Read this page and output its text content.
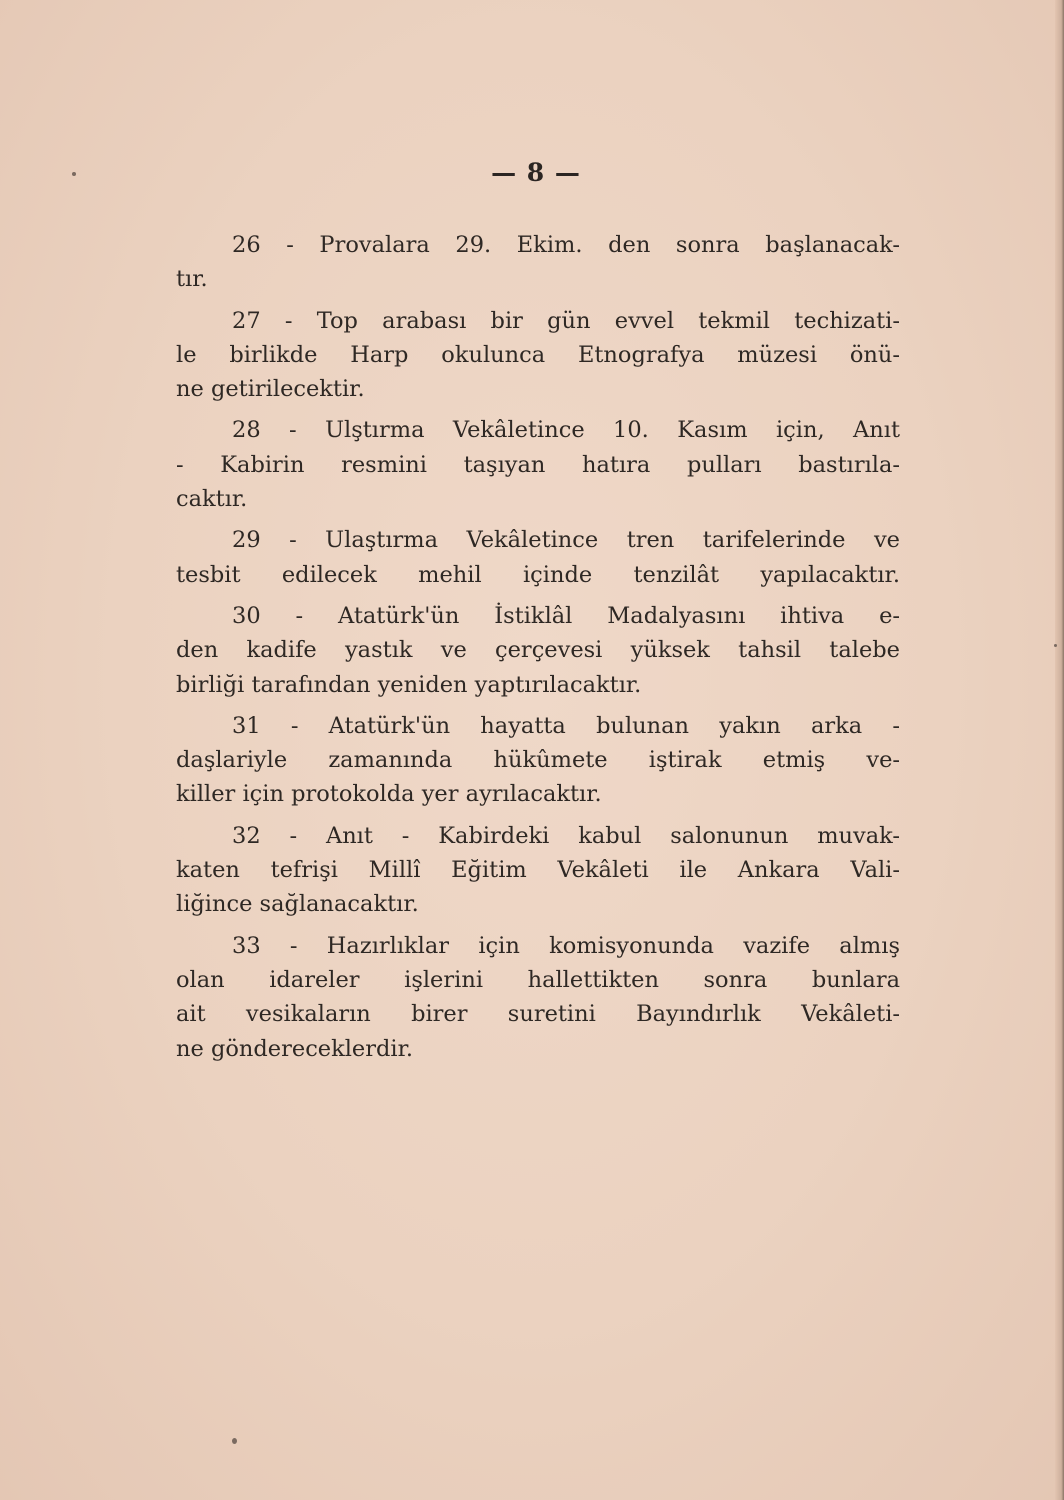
— 8 —
26 - Provalara 29. Ekim. den sonra başlanacak-
tır.
27 - Top arabası bir gün evvel tekmil techizati-
le birlikde Harp okulunca Etnografya müzesi önü-
ne getirilecektir.
28 - Ulştırma Vekâletince 10. Kasım için, Anıt
- Kabirin resmini taşıyan hatıra pulları bastırıla-
caktır.
29 - Ulaştırma Vekâletince tren tarifelerinde ve
tesbit edilecek mehil içinde tenzilât yapılacaktır.
30 - Atatürk'ün İstiklâl Madalyasını ihtiva e-
den kadife yastık ve çerçevesi yüksek tahsil talebe
birliği tarafından yeniden yaptırılacaktır.
31 - Atatürk'ün hayatta bulunan yakın arka -
daşlariyle zamanında hükûmete iştirak etmiş ve-
killer için protokolda yer ayrılacaktır.
32 - Anıt - Kabirdeki kabul salonunun muvak-
katen tefrişi Millî Eğitim Vekâleti ile Ankara Vali-
liğince sağlanacaktır.
33 - Hazırlıklar için komisyonunda vazife almış
olan idareler işlerini hallettikten sonra bunlara
ait vesikaların birer suretini Bayındırlık Vekâleti-
ne göndereceklerdir.
